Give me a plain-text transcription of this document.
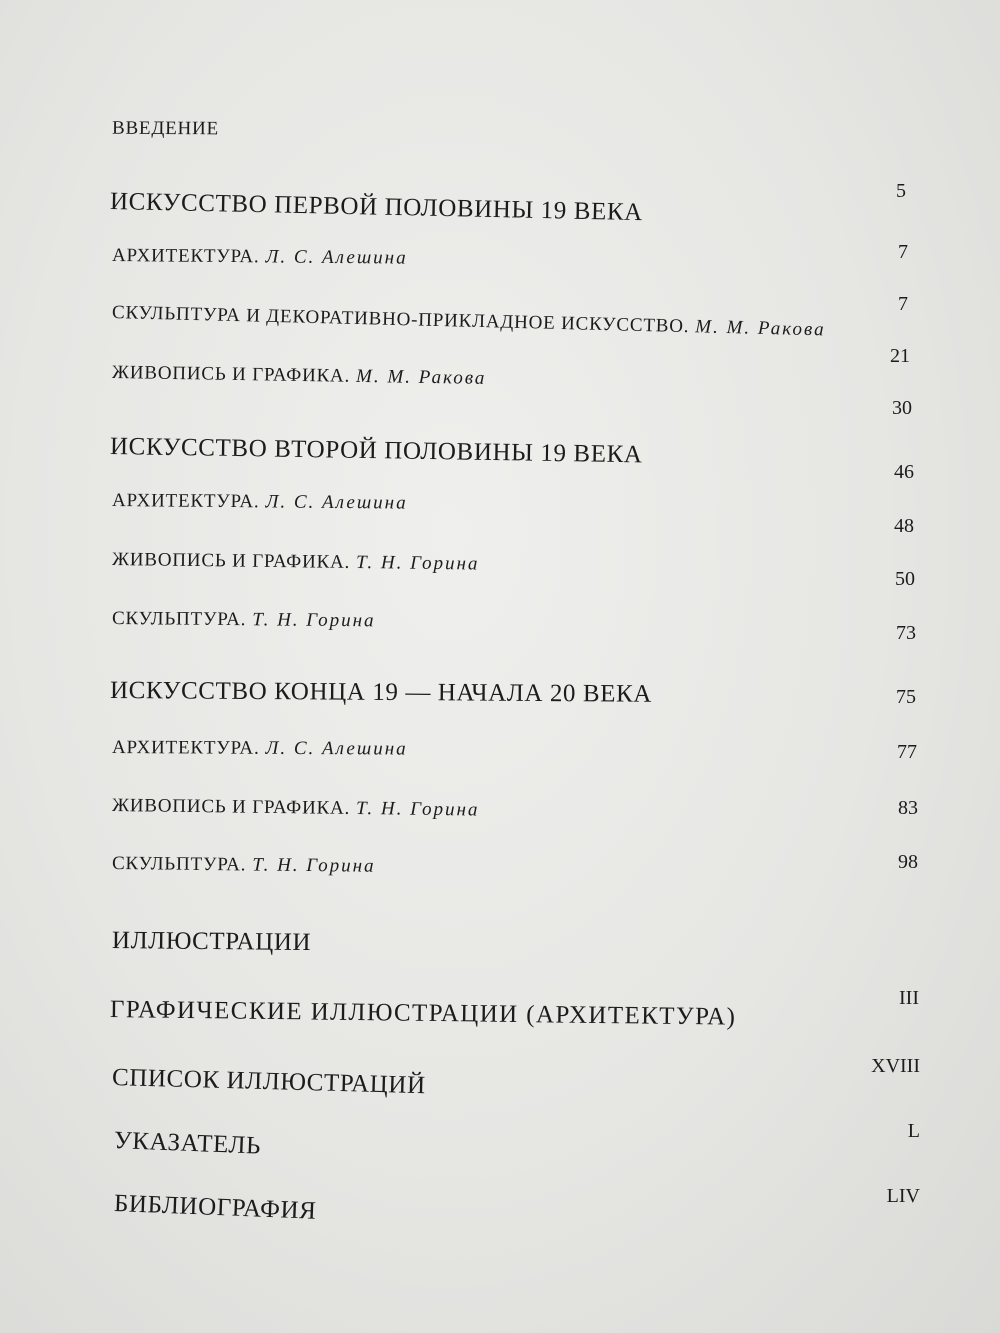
ВВЕДЕНИЕ
ИСКУССТВО ПЕРВОЙ ПОЛОВИНЫ 19 ВЕКА
АРХИТЕКТУРА. Л. С. Алешина
СКУЛЬПТУРА И ДЕКОРАТИВНО-ПРИКЛАДНОЕ ИСКУССТВО. М. М. Ракова
ЖИВОПИСЬ И ГРАФИКА. М. М. Ракова
ИСКУССТВО ВТОРОЙ ПОЛОВИНЫ 19 ВЕКА
АРХИТЕКТУРА. Л. С. Алешина
ЖИВОПИСЬ И ГРАФИКА. Т. Н. Горина
СКУЛЬПТУРА. Т. Н. Горина
ИСКУССТВО КОНЦА 19 — НАЧАЛА 20 ВЕКА
АРХИТЕКТУРА. Л. С. Алешина
ЖИВОПИСЬ И ГРАФИКА. Т. Н. Горина
СКУЛЬПТУРА. Т. Н. Горина
ИЛЛЮСТРАЦИИ
ГРАФИЧЕСКИЕ ИЛЛЮСТРАЦИИ (АРХИТЕКТУРА)
СПИСОК ИЛЛЮСТРАЦИЙ
УКАЗАТЕЛЬ
БИБЛИОГРАФИЯ
5
7
7
21
30
46
48
50
73
75
77
83
98
III
XVIII
L
LIV
